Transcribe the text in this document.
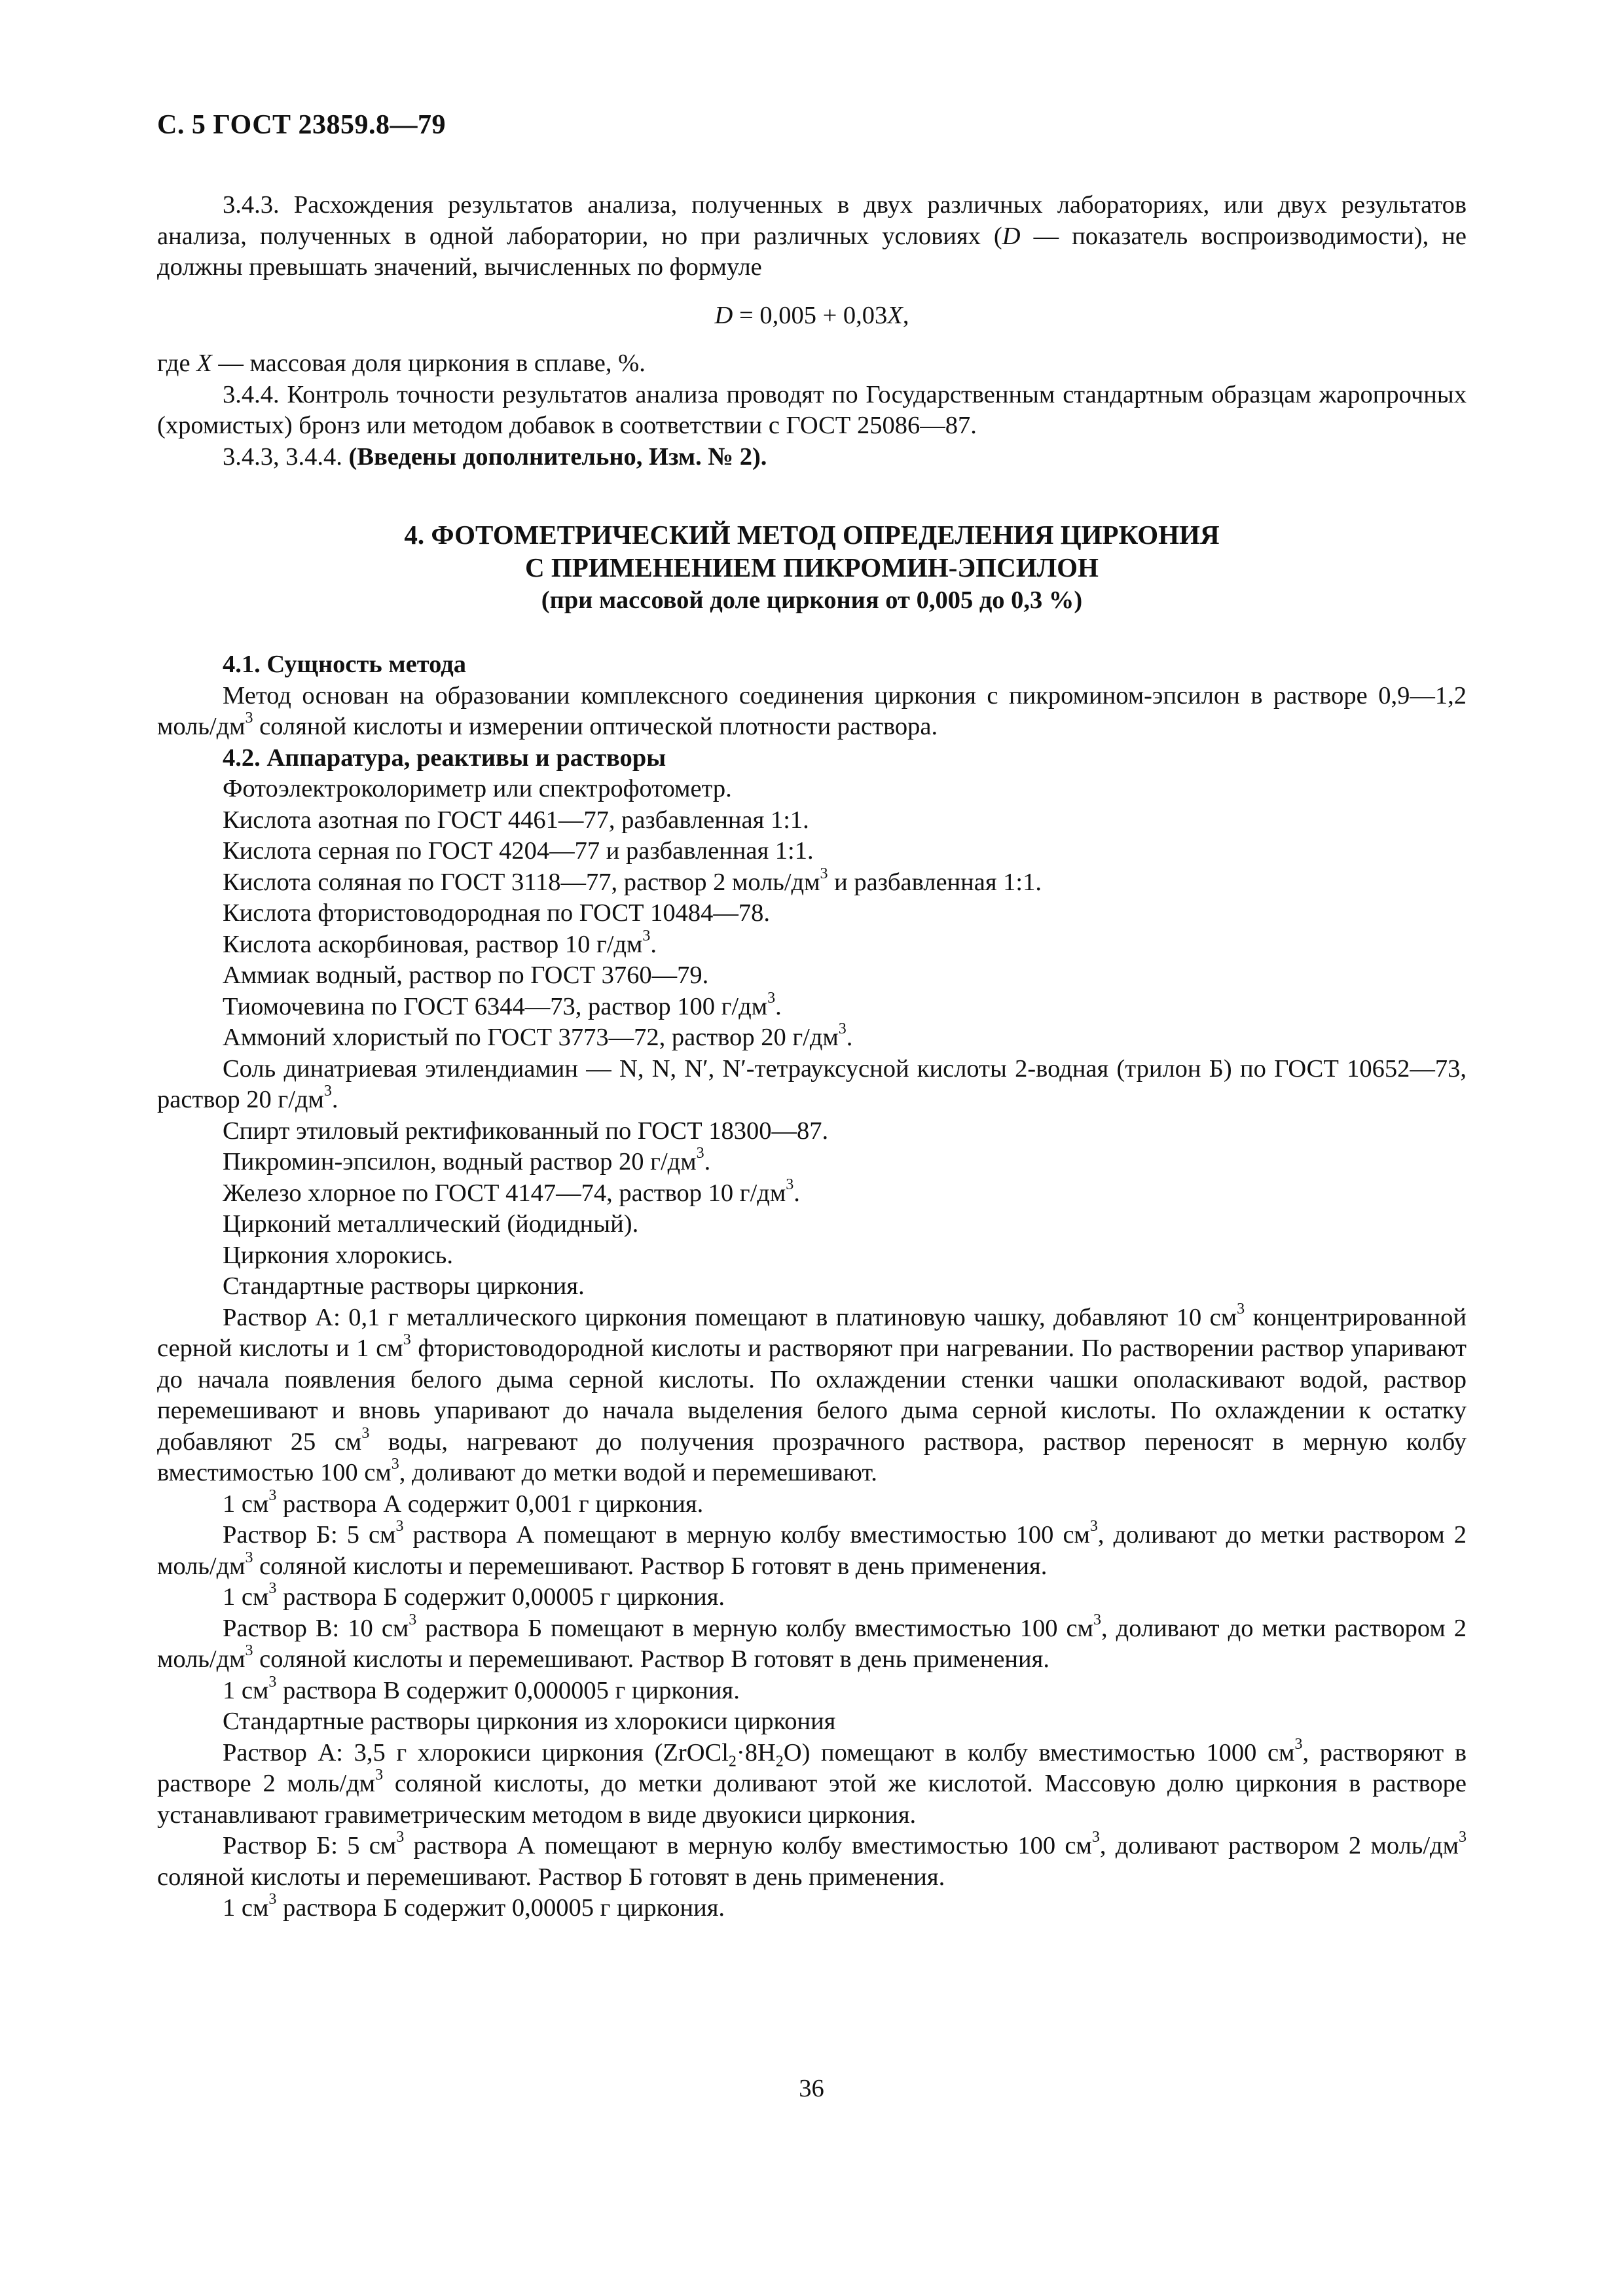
С. 5 ГОСТ 23859.8—79

3.4.3. Расхождения результатов анализа, полученных в двух различных лабораториях, или двух результатов анализа, полученных в одной лаборатории, но при различных условиях (D — показатель воспроизводимости), не должны превышать значений, вычисленных по формуле

D = 0,005 + 0,03X,

где X — массовая доля циркония в сплаве, %.

3.4.4. Контроль точности результатов анализа проводят по Государственным стандартным образцам жаропрочных (хромистых) бронз или методом добавок в соответствии с ГОСТ 25086—87.

3.4.3, 3.4.4. (Введены дополнительно, Изм. № 2).

4. ФОТОМЕТРИЧЕСКИЙ МЕТОД ОПРЕДЕЛЕНИЯ ЦИРКОНИЯ
С ПРИМЕНЕНИЕМ ПИКРОМИН-ЭПСИЛОН
(при массовой доле циркония от 0,005 до 0,3 %)

4.1. Сущность метода

Метод основан на образовании комплексного соединения циркония с пикромином-эпсилон в растворе 0,9—1,2 моль/$дм^3$ соляной кислоты и измерении оптической плотности раствора.

4.2. Аппаратура, реактивы и растворы

Фотоэлектроколориметр или спектрофотометр.

Кислота азотная по ГОСТ 4461—77, разбавленная 1:1.

Кислота серная по ГОСТ 4204—77 и разбавленная 1:1.

Кислота соляная по ГОСТ 3118—77, раствор 2 моль/$дм^3$ и разбавленная 1:1.

Кислота фтористоводородная по ГОСТ 10484—78.

Кислота аскорбиновая, раствор 10 $г/дм^3$.

Аммиак водный, раствор по ГОСТ 3760—79.

Тиомочевина по ГОСТ 6344—73, раствор 100 $г/дм^3$.

Аммоний хлористый по ГОСТ 3773—72, раствор 20 $г/дм^3$.

Соль динатриевая этилендиамин — N, N, N′, N′-тетрауксусной кислоты 2-водная (трилон Б) по ГОСТ 10652—73, раствор 20 $г/дм^3$.

Спирт этиловый ректификованный по ГОСТ 18300—87.

Пикромин-эпсилон, водный раствор 20 $г/дм^3$.

Железо хлорное по ГОСТ 4147—74, раствор 10 $г/дм^3$.

Цирконий металлический (йодидный).

Циркония хлорокись.

Стандартные растворы циркония.

Раствор А: 0,1 г металлического циркония помещают в платиновую чашку, добавляют 10 $см^3$ концентрированной серной кислоты и 1 $см^3$ фтористоводородной кислоты и растворяют при нагревании. По растворении раствор упаривают до начала появления белого дыма серной кислоты. По охлаждении стенки чашки ополаскивают водой, раствор перемешивают и вновь упаривают до начала выделения белого дыма серной кислоты. По охлаждении к остатку добавляют 25 $см^3$ воды, нагревают до получения прозрачного раствора, раствор переносят в мерную колбу вместимостью 100 $см^3$, доливают до метки водой и перемешивают.

1 $см^3$ раствора А содержит 0,001 г циркония.

Раствор Б: 5 $см^3$ раствора А помещают в мерную колбу вместимостью 100 $см^3$, доливают до метки раствором 2 моль/$дм^3$ соляной кислоты и перемешивают. Раствор Б готовят в день применения.

1 $см^3$ раствора Б содержит 0,00005 г циркония.

Раствор В: 10 $см^3$ раствора Б помещают в мерную колбу вместимостью 100 $см^3$, доливают до метки раствором 2 моль/$дм^3$ соляной кислоты и перемешивают. Раствор В готовят в день применения.

1 $см^3$ раствора В содержит 0,000005 г циркония.

Стандартные растворы циркония из хлорокиси циркония

Раствор А: 3,5 г хлорокиси циркония $(ZrOCl_2\cdot 8H_2O)$ помещают в колбу вместимостью 1000 $см^3$, растворяют в растворе 2 моль/$дм^3$ соляной кислоты, до метки доливают этой же кислотой. Массовую долю циркония в растворе устанавливают гравиметрическим методом в виде двуокиси циркония.

Раствор Б: 5 $см^3$ раствора А помещают в мерную колбу вместимостью 100 $см^3$, доливают раствором 2 моль/$дм^3$ соляной кислоты и перемешивают. Раствор Б готовят в день применения.

1 $см^3$ раствора Б содержит 0,00005 г циркония.

36
